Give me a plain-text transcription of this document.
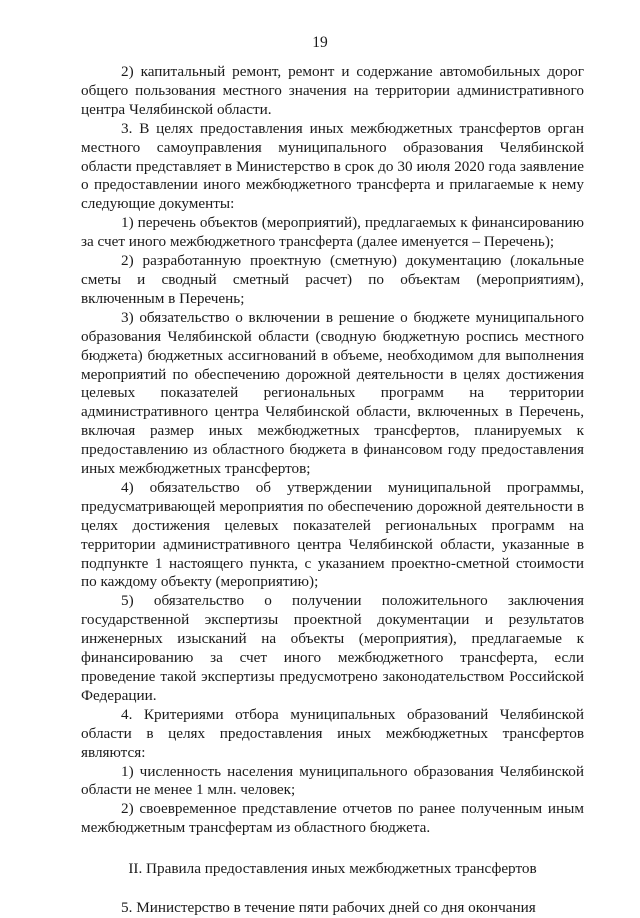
19

2) капитальный ремонт, ремонт и содержание автомобильных дорог общего пользования местного значения на территории административного центра Челябинской области.

3. В целях предоставления иных межбюджетных трансфертов орган местного самоуправления муниципального образования Челябинской области представляет в Министерство в срок до 30 июля 2020 года заявление о предоставлении иного межбюджетного трансферта и прилагаемые к нему следующие документы:

1) перечень объектов (мероприятий), предлагаемых к финансированию за счет иного межбюджетного трансферта (далее именуется – Перечень);

2) разработанную проектную (сметную) документацию (локальные сметы и сводный сметный расчет) по объектам (мероприятиям), включенным в Перечень;

3) обязательство о включении в решение о бюджете муниципального образования Челябинской области (сводную бюджетную роспись местного бюджета) бюджетных ассигнований в объеме, необходимом для выполнения мероприятий по обеспечению дорожной деятельности в целях достижения целевых показателей региональных программ на территории административного центра Челябинской области, включенных в Перечень, включая размер иных межбюджетных трансфертов, планируемых к предоставлению из областного бюджета в финансовом году предоставления иных межбюджетных трансфертов;

4) обязательство об утверждении муниципальной программы, предусматривающей мероприятия по обеспечению дорожной деятельности в целях достижения целевых показателей региональных программ на территории административного центра Челябинской области, указанные в подпункте 1 настоящего пункта, с указанием проектно-сметной стоимости по каждому объекту (мероприятию);

5) обязательство о получении положительного заключения государственной экспертизы проектной документации и результатов инженерных изысканий на объекты (мероприятия), предлагаемые к финансированию за счет иного межбюджетного трансферта, если проведение такой экспертизы предусмотрено законодательством Российской Федерации.

4. Критериями отбора муниципальных образований Челябинской области в целях предоставления иных межбюджетных трансфертов являются:

1) численность населения муниципального образования Челябинской области не менее 1 млн. человек;

2) своевременное представление отчетов по ранее полученным иным межбюджетным трансфертам из областного бюджета.

II. Правила предоставления иных межбюджетных трансфертов

5. Министерство в течение пяти рабочих дней со дня окончания
